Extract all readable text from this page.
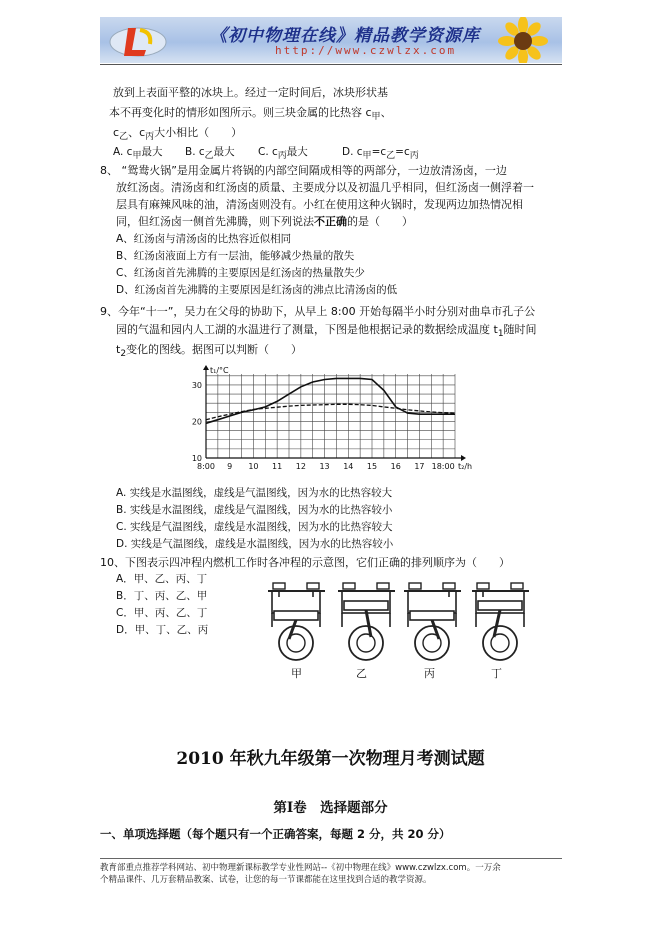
《初中物理在线》精品教学资源库
http://www.czwlzx.com
放到上表面平整的冰块上。经过一定时间后，冰块形状基
本不再变化时的情形如图所示。则三块金属的比热容 $c_甲$、
$c_乙$、$c_丙$大小相比（　　）
A. $c_甲$最大 B. $c_乙$最大 C. $c_丙$最大	D. $c_甲=c_乙=c_丙$
8、 “鸳鸯火锅”是用金属片将锅的内部空间隔成相等的两部分，一边放清汤卤，一边
放红汤卤。清汤卤和红汤卤的质量、主要成分以及初温几乎相同，但红汤卤一侧浮着一
层具有麻辣风味的油，清汤卤则没有。小红在使用这种火锅时，发现两边加热情况相
同，但红汤卤一侧首先沸腾，则下列说法不正确的是（　　）
A、红汤卤与清汤卤的比热容近似相同
B、红汤卤液面上方有一层油，能够减少热量的散失
C、红汤卤首先沸腾的主要原因是红汤卤的热量散失少
D、红汤卤首先沸腾的主要原因是红汤卤的沸点比清汤卤的低
9、今年“十一”，吴力在父母的协助下，从早上 8:00 开始每隔半小时分别对曲阜市孔子公
园的气温和园内人工湖的水温进行了测量，下图是他根据记录的数据绘成温度 $t_1$随时间
$t_2$变化的图线。据图可以判断（　　）
8:00 9 10 11 12 13 14 15 16 17 18:00
10
20
30
t₁/°C
t₂/h
A. 实线是水温图线，虚线是气温图线，因为水的比热容较大
B. 实线是水温图线，虚线是气温图线，因为水的比热容较小
C. 实线是气温图线，虚线是水温图线，因为水的比热容较大
D. 实线是气温图线，虚线是水温图线，因为水的比热容较小
10、下图表示四冲程内燃机工作时各冲程的示意图，它们正确的排列顺序为（　　）
A．甲、乙、丙、丁
B．丁、丙、乙、甲
C．甲、丙、乙、丁
D．甲、丁、乙、丙
甲	乙	丙	丁
2010 年秋九年级第一次物理月考测试题
第Ⅰ卷　选择题部分
一、单项选择题（每个题只有一个正确答案，每题 2 分，共 20 分）
教育部重点推荐学科网站、初中物理新课标教学专业性网站--《初中物理在线》www.czwlzx.com。一万余
个精品课件、几万套精品教案、试卷，让您的每一节课都能在这里找到合适的教学资源。
